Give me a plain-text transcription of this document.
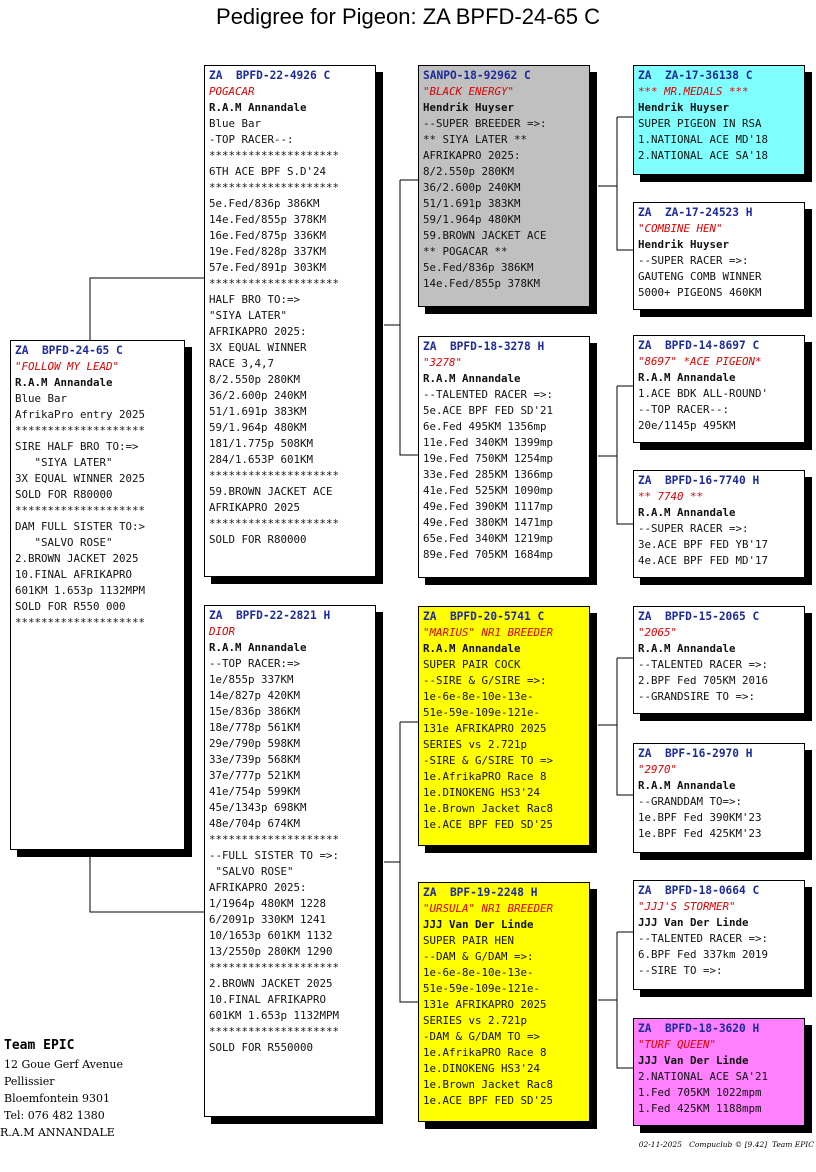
Pedigree for Pigeon: ZA BPFD-24-65 C
ZA  BPFD-24-65 C
"FOLLOW MY LEAD"
R.A.M Annandale
Blue Bar
AfrikaPro entry 2025
********************
SIRE HALF BRO TO:=>
"SIYA LATER"
3X EQUAL WINNER 2025
SOLD FOR R80000
********************
DAM FULL SISTER TO:>
"SALVO ROSE"
2.BROWN JACKET 2025
10.FINAL AFRIKAPRO
601KM 1.653p 1132MPM
SOLD FOR R550 000
********************
ZA  BPFD-22-4926 C
POGACAR
R.A.M Annandale
Blue Bar
-TOP RACER--:
********************
6TH ACE BPF S.D'24
********************
5e.Fed/836p 386KM
14e.Fed/855p 378KM
16e.Fed/875p 336KM
19e.Fed/828p 337KM
57e.Fed/891p 303KM
********************
HALF BRO TO:=>
"SIYA LATER"
AFRIKAPRO 2025:
3X EQUAL WINNER
RACE 3,4,7
8/2.550p 280KM
36/2.600p 240KM
51/1.691p 383KM
59/1.964p 480KM
181/1.775p 508KM
284/1.653P 601KM
********************
59.BROWN JACKET ACE
AFRIKAPRO 2025
********************
SOLD FOR R80000
ZA  BPFD-22-2821 H
DIOR
R.A.M Annandale
--TOP RACER:=>
1e/855p 337KM
14e/827p 420KM
15e/836p 386KM
18e/778p 561KM
29e/790p 598KM
33e/739p 568KM
37e/777p 521KM
41e/754p 599KM
45e/1343p 698KM
48e/704p 674KM
********************
--FULL SISTER TO =>:
"SALVO ROSE"
AFRIKAPRO 2025:
1/1964p 480KM 1228
6/2091p 330KM 1241
10/1653p 601KM 1132
13/2550p 280KM 1290
********************
2.BROWN JACKET 2025
10.FINAL AFRIKAPRO
601KM 1.653p 1132MPM
********************
SOLD FOR R550000
SANPO-18-92962 C
"BLACK ENERGY"
Hendrik Huyser
--SUPER BREEDER =>:
** SIYA LATER **
AFRIKAPRO 2025:
8/2.550p 280KM
36/2.600p 240KM
51/1.691p 383KM
59/1.964p 480KM
59.BROWN JACKET ACE
** POGACAR **
5e.Fed/836p 386KM
14e.Fed/855p 378KM
ZA  BPFD-18-3278 H
"3278"
R.A.M Annandale
--TALENTED RACER =>:
5e.ACE BPF FED SD'21
6e.Fed 495KM 1356mp
11e.Fed 340KM 1399mp
19e.Fed 750KM 1254mp
33e.Fed 285KM 1366mp
41e.Fed 525KM 1090mp
49e.Fed 390KM 1117mp
49e.Fed 380KM 1471mp
65e.Fed 340KM 1219mp
89e.Fed 705KM 1684mp
ZA  BPFD-20-5741 C
"MARIUS" NR1 BREEDER
R.A.M Annandale
SUPER PAIR COCK
--SIRE & G/SIRE =>:
1e-6e-8e-10e-13e-
51e-59e-109e-121e-
131e AFRIKAPRO 2025
SERIES vs 2.721p
-SIRE & G/SIRE TO =>
1e.AfrikaPRO Race 8
1e.DINOKENG HS3'24
1e.Brown Jacket Rac8
1e.ACE BPF FED SD'25
ZA  BPF-19-2248 H
"URSULA" NR1 BREEDER
JJJ Van Der Linde
SUPER PAIR HEN
--DAM & G/DAM =>:
1e-6e-8e-10e-13e-
51e-59e-109e-121e-
131e AFRIKAPRO 2025
SERIES vs 2.721p
-DAM & G/DAM TO =>
1e.AfrikaPRO Race 8
1e.DINOKENG HS3'24
1e.Brown Jacket Rac8
1e.ACE BPF FED SD'25
ZA  ZA-17-36138 C
*** MR.MEDALS ***
Hendrik Huyser
SUPER PIGEON IN RSA
1.NATIONAL ACE MD'18
2.NATIONAL ACE SA'18
ZA  ZA-17-24523 H
"COMBINE HEN"
Hendrik Huyser
--SUPER RACER =>:
GAUTENG COMB WINNER
5000+ PIGEONS 460KM
ZA  BPFD-14-8697 C
"8697" *ACE PIGEON*
R.A.M Annandale
1.ACE BDK ALL-ROUND'
--TOP RACER--:
20e/1145p 495KM
ZA  BPFD-16-7740 H
** 7740 **
R.A.M Annandale
--SUPER RACER =>:
3e.ACE BPF FED YB'17
4e.ACE BPF FED MD'17
ZA  BPFD-15-2065 C
"2065"
R.A.M Annandale
--TALENTED RACER =>:
2.BPF Fed 705KM 2016
--GRANDSIRE TO =>:
ZA  BPF-16-2970 H
"2970"
R.A.M Annandale
--GRANDDAM TO=>:
1e.BPF Fed 390KM'23
1e.BPF Fed 425KM'23
ZA  BPFD-18-0664 C
"JJJ'S STORMER"
JJJ Van Der Linde
--TALENTED RACER =>:
6.BPF Fed 337km 2019
--SIRE TO =>:
ZA  BPFD-18-3620 H
"TURF QUEEN"
JJJ Van Der Linde
2.NATIONAL ACE SA'21
1.Fed 705KM 1022mpm
1.Fed 425KM 1188mpm
Team EPIC
12 Goue Gerf Avenue
Pellissier
Bloemfontein 9301
Tel: 076 482 1380
R.A.M ANNANDALE
02-11-2025   Compuclub © [9.42]  Team EPIC
